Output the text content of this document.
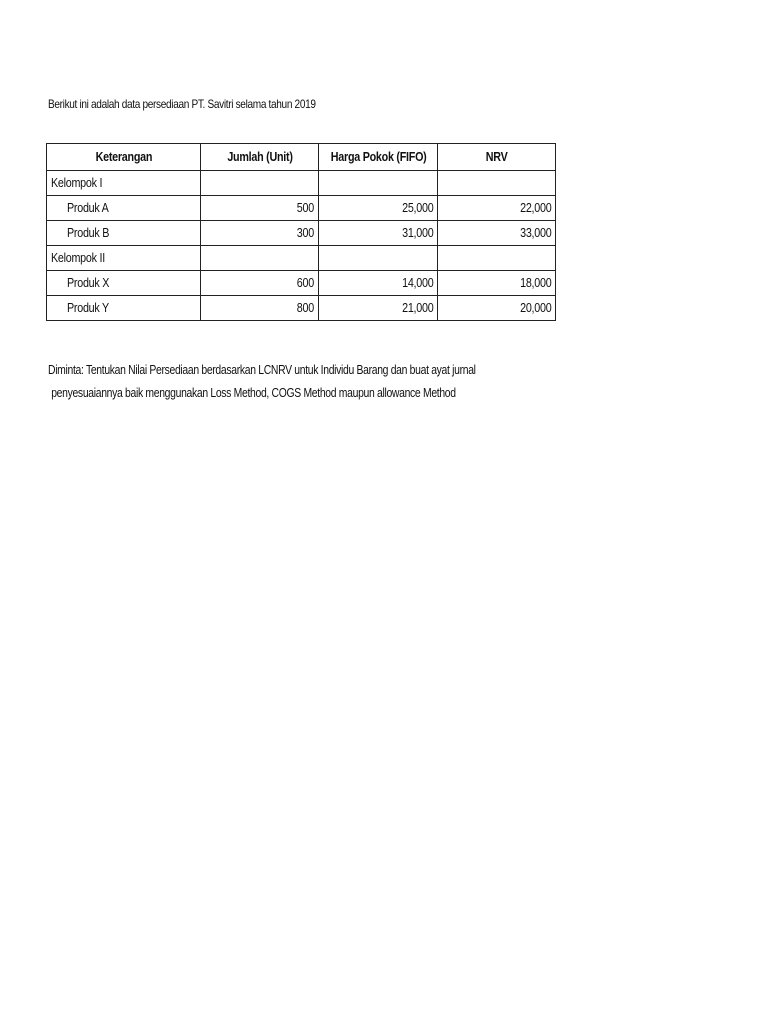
Berikut ini adalah data persediaan PT. Savitri selama tahun 2019
Keterangan	Jumlah (Unit)	Harga Pokok (FIFO)	NRV
Kelompok I			
Produk A	500	25,000	22,000
Produk B	300	31,000	33,000
Kelompok II			
Produk X	600	14,000	18,000
Produk Y	800	21,000	20,000
Diminta: Tentukan Nilai Persediaan berdasarkan LCNRV untuk Individu Barang dan buat ayat jurnal
penyesuaiannya baik menggunakan Loss Method, COGS Method maupun allowance Method
